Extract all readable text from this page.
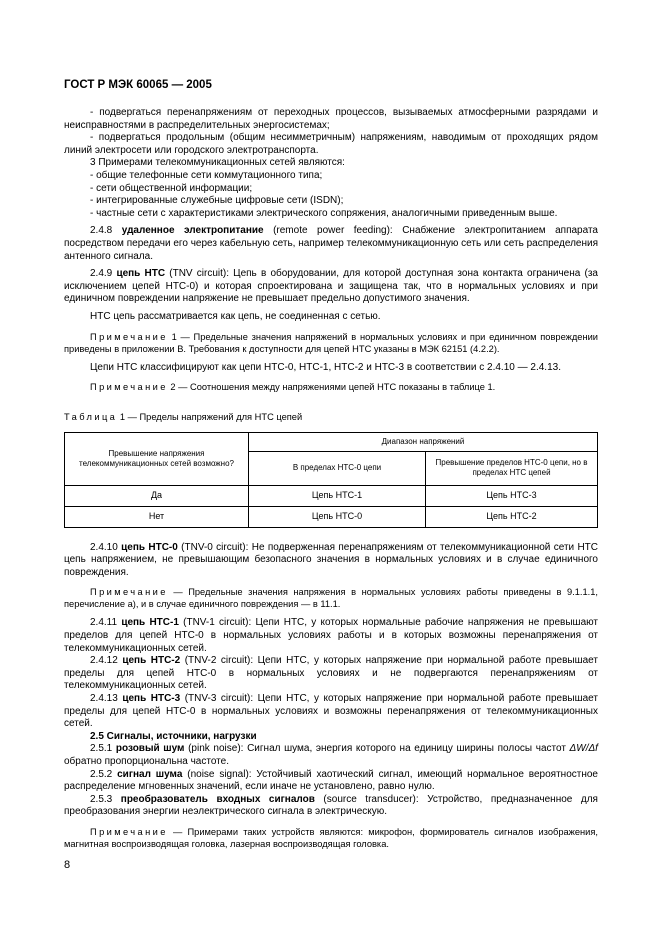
ГОСТ Р МЭК 60065 — 2005

- подвергаться перенапряжениям от переходных процессов, вызываемых атмосферными разрядами и неисправностями в распределительных энергосистемах;

- подвергаться продольным (общим несимметричным) напряжениям, наводимым от проходящих рядом линий электросети или городского электротранспорта.

3 Примерами телекоммуникационных сетей являются:

- общие телефонные сети коммутационного типа;

- сети общественной информации;

- интегрированные служебные цифровые сети (ISDN);

- частные сети с характеристиками электрического сопряжения, аналогичными приведенным выше.

2.4.8 удаленное электропитание (remote power feeding): Снабжение электропитанием аппарата посредством передачи его через кабельную сеть, например телекоммуникационную сеть или сеть распределения антенного сигнала.

2.4.9 цепь НТС (TNV circuit): Цепь в оборудовании, для которой доступная зона контакта ограничена (за исключением цепей НТС-0) и которая спроектирована и защищена так, что в нормальных условиях и при единичном повреждении напряжение не превышает предельно допустимого значения.

НТС цепь рассматривается как цепь, не соединенная с сетью.

Примечание 1 — Предельные значения напряжений в нормальных условиях и при единичном повреждении приведены в приложении В. Требования к доступности для цепей НТС указаны в МЭК 62151 (4.2.2).

Цепи НТС классифицируют как цепи НТС-0, НТС-1, НТС-2 и НТС-3 в соответствии с 2.4.10 — 2.4.13.

Примечание 2 — Соотношения между напряжениями цепей НТС показаны в таблице 1.

Таблица 1 — Пределы напряжений для НТС цепей
Превышение напряжения телекоммуникационных сетей возможно?	Диапазон напряжений	
	В пределах НТС-0 цепи	Превышение пределов НТС-0 цепи, но в пределах НТС цепей
Да	Цепь НТС-1	Цепь НТС-3
Нет	Цепь НТС-0	Цепь НТС-2

2.4.10 цепь НТС-0 (TNV-0 circuit): Не подверженная перенапряжениям от телекоммуникационной сети НТС цепь напряжением, не превышающим безопасного значения в нормальных условиях и в случае единичного повреждения.

Примечание — Предельные значения напряжения в нормальных условиях работы приведены в 9.1.1.1, перечисление а), и в случае единичного повреждения — в 11.1.

2.4.11 цепь НТС-1 (TNV-1 circuit): Цепи НТС, у которых нормальные рабочие напряжения не превышают пределов для цепей НТС-0 в нормальных условиях работы и в которых возможны перенапряжения от телекоммуникационных сетей.

2.4.12 цепь НТС-2 (TNV-2 circuit): Цепи НТС, у которых напряжение при нормальной работе превышает пределы для цепей НТС-0 в нормальных условиях и не подвергаются перенапряжениям от телекоммуникационных сетей.

2.4.13 цепь НТС-3 (TNV-3 circuit): Цепи НТС, у которых напряжение при нормальной работе превышает пределы для цепей НТС-0 в нормальных условиях и возможны перенапряжения от телекоммуникационных сетей.

2.5 Сигналы, источники, нагрузки

2.5.1 розовый шум (pink noise): Сигнал шума, энергия которого на единицу ширины полосы частот ΔW/Δf обратно пропорциональна частоте.

2.5.2 сигнал шума (noise signal): Устойчивый хаотический сигнал, имеющий нормальное вероятностное распределение мгновенных значений, если иначе не установлено, равно нулю.

2.5.3 преобразователь входных сигналов (source transducer): Устройство, предназначенное для преобразования энергии неэлектрического сигнала в электрическую.

Примечание — Примерами таких устройств являются: микрофон, формирователь сигналов изображения, магнитная воспроизводящая головка, лазерная воспроизводящая головка.

8
